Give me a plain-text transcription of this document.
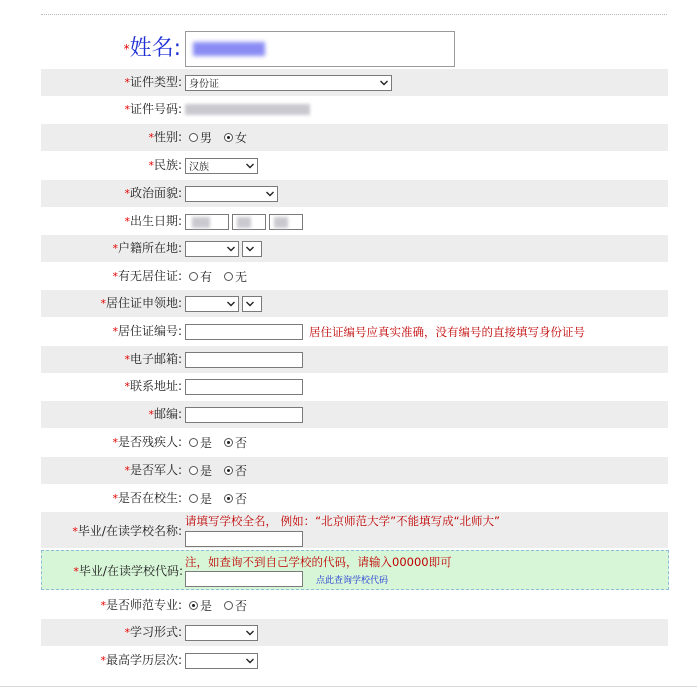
*姓名:
*证件类型: 身份证
*证件号码:
*性别: 男 女
*民族: 汉族
*政治面貌:
*出生日期:
*户籍所在地:
*有无居住证: 有 无
*居住证申领地:
*居住证编号:	居住证编号应真实准确，没有编号的直接填写身份证号
*电子邮箱:
*联系地址:
*邮编:
*是否残疾人: 是 否
*是否军人: 是 否
*是否在校生: 是 否
*毕业/在读学校名称:
请填写学校全名， 例如：“北京师范大学”不能填写成“北师大”
*毕业/在读学校代码:
注，如查询不到自己学校的代码，请输入00000即可
点此查询学校代码
*是否师范专业: 是 否
*学习形式:
*最高学历层次:
